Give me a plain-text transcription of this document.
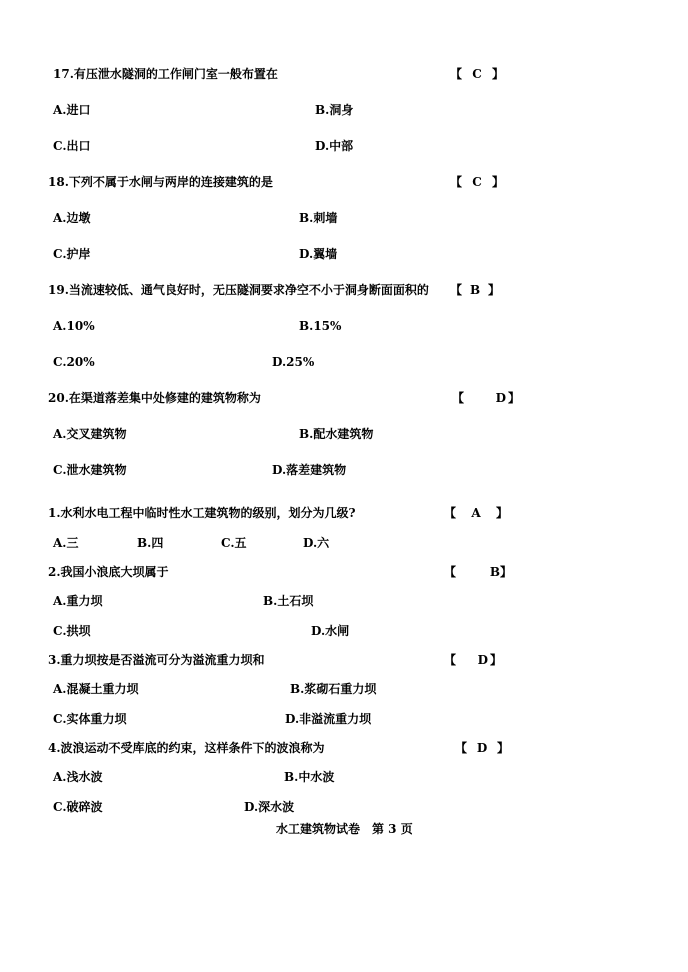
17.有压泄水隧洞的工作闸门室一般布置在	【 C 】
A.进口	B.洞身
C.出口	D.中部
18.下列不属于水闸与两岸的连接建筑的是	【 C 】
A.边墩	B.刺墙
C.护岸	D.翼墙
19.当流速较低、通气良好时，无压隧洞要求净空不小于洞身断面面积的 【 B 】
A.10%	B.15%
C.20%	D.25%
20.在渠道落差集中处修建的建筑物称为	【	D 】
A.交叉建筑物	B.配水建筑物
C.泄水建筑物	D.落差建筑物
1.水利水电工程中临时性水工建筑物的级别，划分为几级?	【 A 】
A.三	B.四	C.五	D.六
2.我国小浪底大坝属于	【	B】
A.重力坝	B.土石坝
C.拱坝	D.水闸
3.重力坝按是否溢流可分为溢流重力坝和	【 D 】
A.混凝土重力坝	B.浆砌石重力坝
C.实体重力坝	D.非溢流重力坝
4.波浪运动不受库底的约束，这样条件下的波浪称为	【 D 】
A.浅水波	B.中水波
C.破碎波	D.深水波
水工建筑物试卷　第 3 页
